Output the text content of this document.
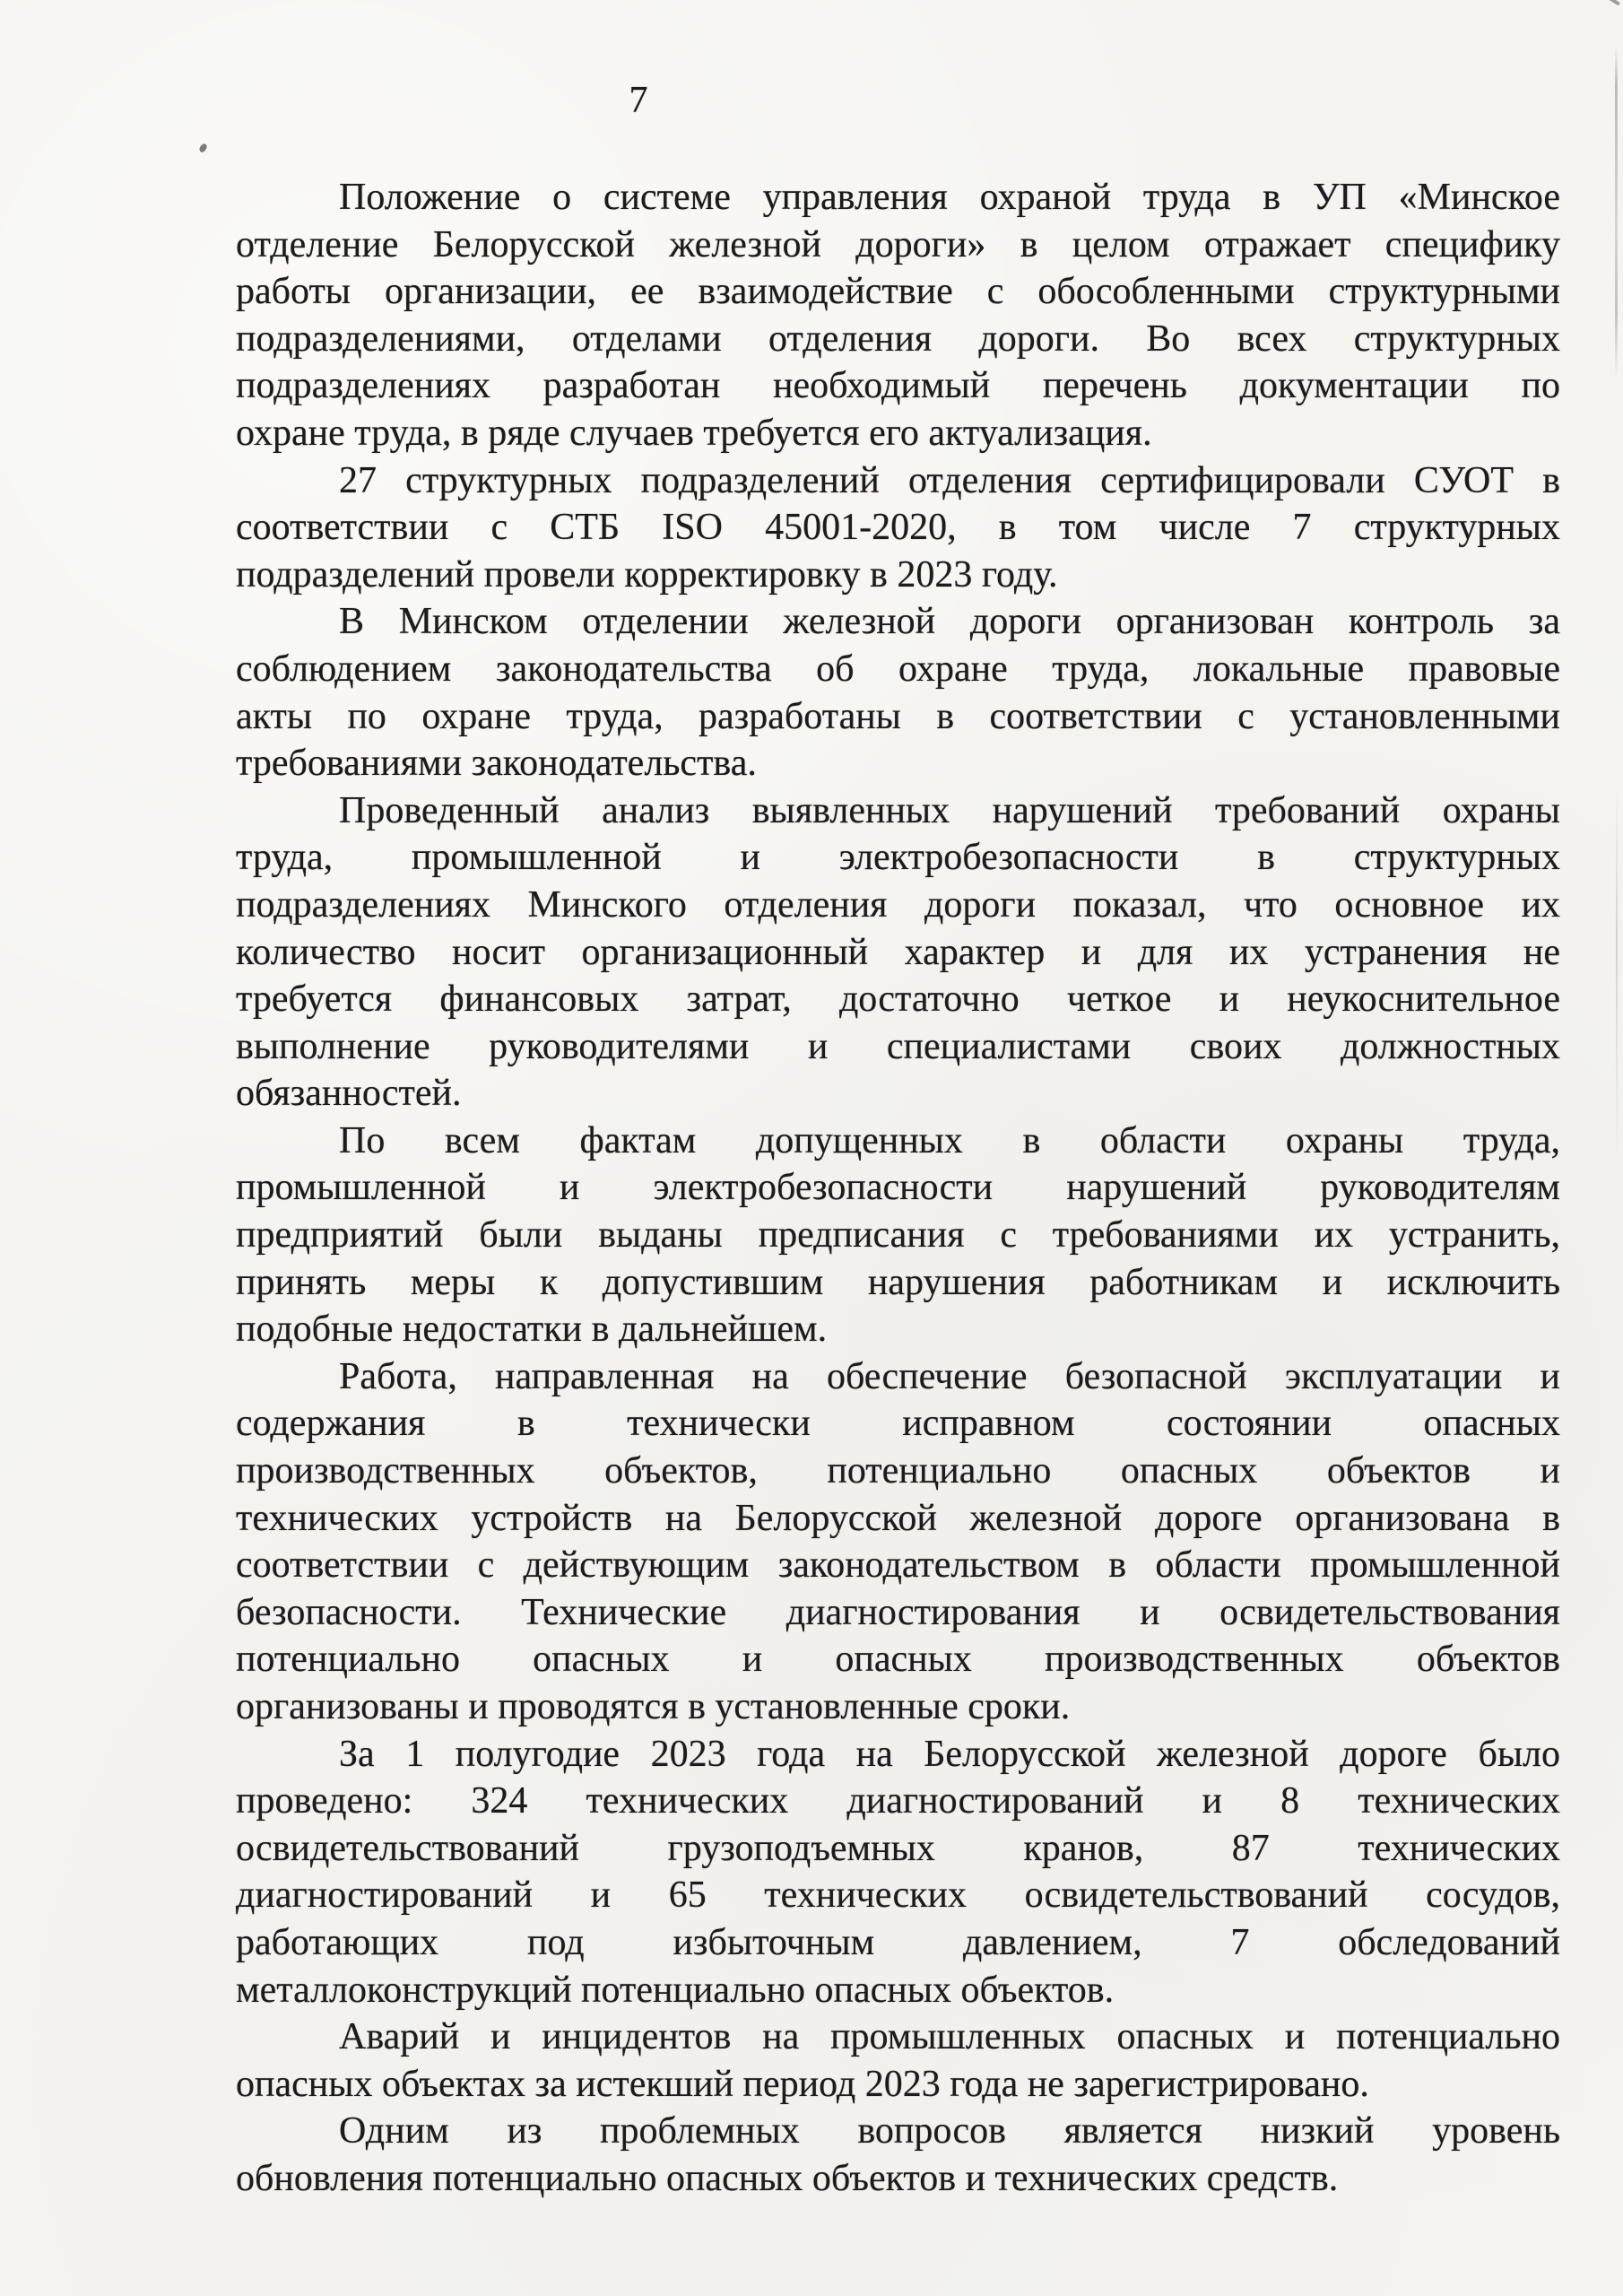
7
Положение о системе управления охраной труда в УП «Минское
отделение Белорусской железной дороги» в целом отражает специфику
работы организации, ее взаимодействие с обособленными структурными
подразделениями, отделами отделения дороги. Во всех структурных
подразделениях разработан необходимый перечень документации по
охране труда, в ряде случаев требуется его актуализация.
27 структурных подразделений отделения сертифицировали СУОТ в
соответствии с СТБ ISO 45001-2020, в том числе 7 структурных
подразделений провели корректировку в 2023 году.
В Минском отделении железной дороги организован контроль за
соблюдением законодательства об охране труда, локальные правовые
акты по охране труда, разработаны в соответствии с установленными
требованиями законодательства.
Проведенный анализ выявленных нарушений требований охраны
труда, промышленной и электробезопасности в структурных
подразделениях Минского отделения дороги показал, что основное их
количество носит организационный характер и для их устранения не
требуется финансовых затрат, достаточно четкое и неукоснительное
выполнение руководителями и специалистами своих должностных
обязанностей.
По всем фактам допущенных в области охраны труда,
промышленной и электробезопасности нарушений руководителям
предприятий были выданы предписания с требованиями их устранить,
принять меры к допустившим нарушения работникам и исключить
подобные недостатки в дальнейшем.
Работа, направленная на обеспечение безопасной эксплуатации и
содержания в технически исправном состоянии опасных
производственных объектов, потенциально опасных объектов и
технических устройств на Белорусской железной дороге организована в
соответствии с действующим законодательством в области промышленной
безопасности. Технические диагностирования и освидетельствования
потенциально опасных и опасных производственных объектов
организованы и проводятся в установленные сроки.
За 1 полугодие 2023 года на Белорусской железной дороге было
проведено: 324 технических диагностирований и 8 технических
освидетельствований грузоподъемных кранов, 87 технических
диагностирований и 65 технических освидетельствований сосудов,
работающих под избыточным давлением, 7 обследований
металлоконструкций потенциально опасных объектов.
Аварий и инцидентов на промышленных опасных и потенциально
опасных объектах за истекший период 2023 года не зарегистрировано.
Одним из проблемных вопросов является низкий уровень
обновления потенциально опасных объектов и технических средств.
